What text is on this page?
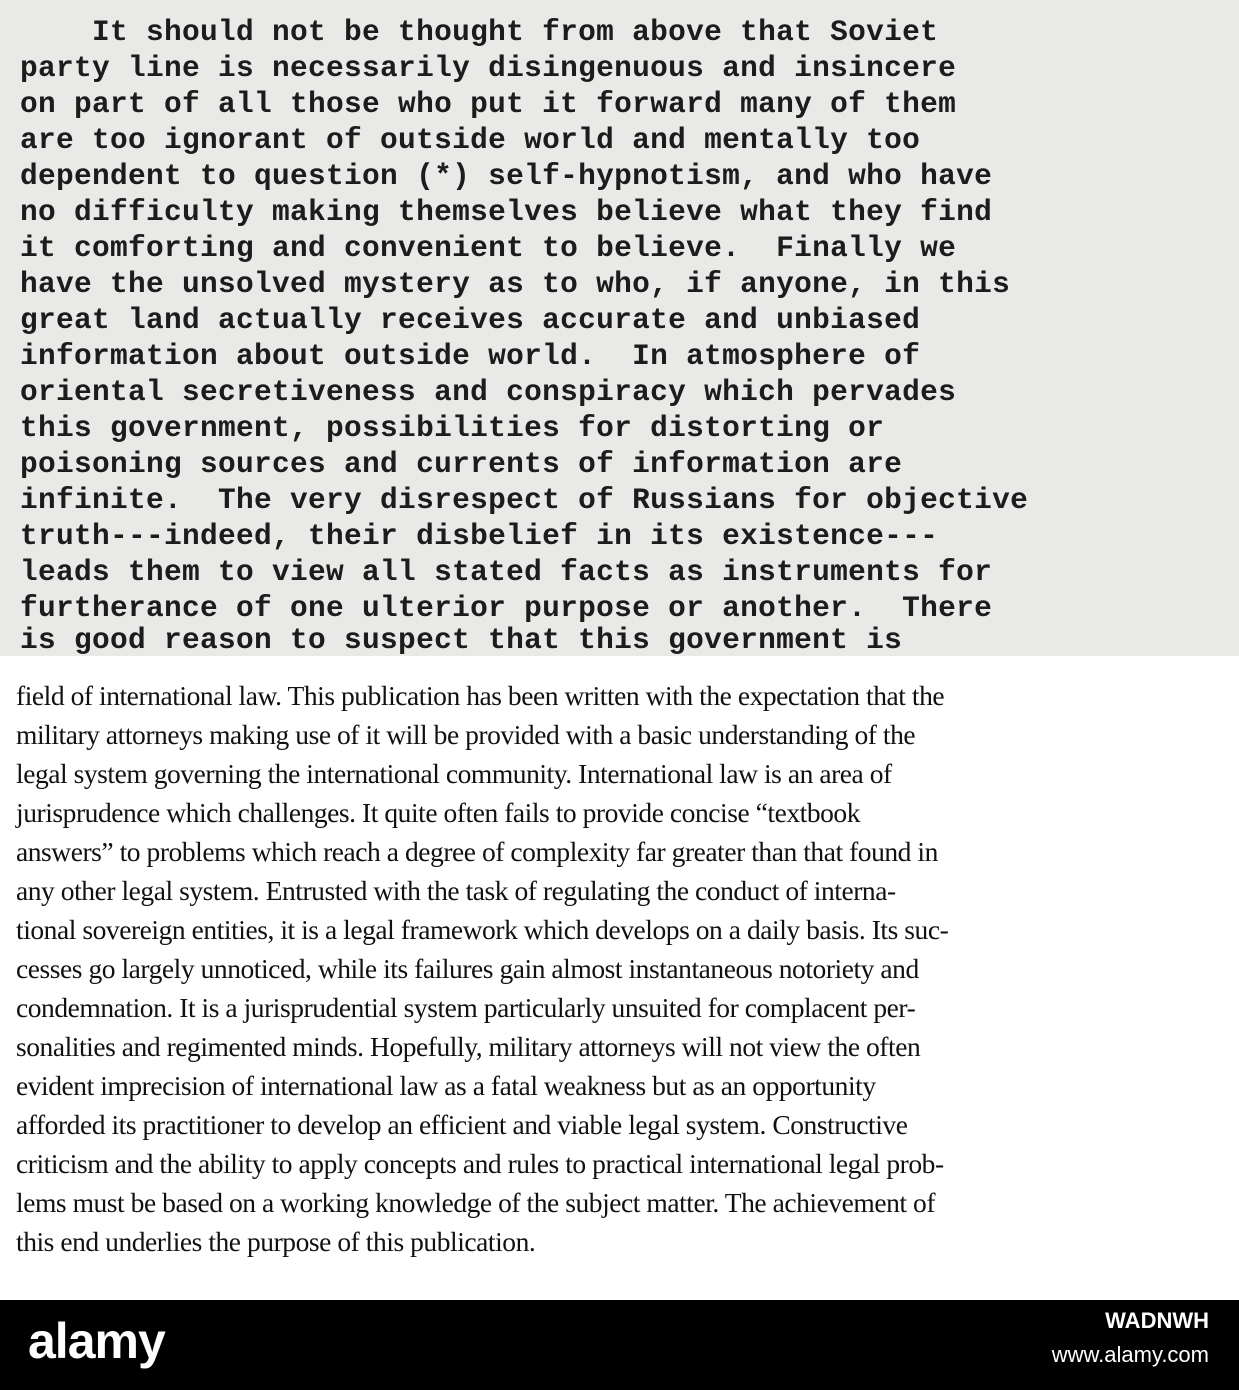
It should not be thought from above that Soviet
party line is necessarily disingenuous and insincere
on part of all those who put it forward many of them
are too ignorant of outside world and mentally too
dependent to question (*) self-hypnotism, and who have
no difficulty making themselves believe what they find
it comforting and convenient to believe.  Finally we
have the unsolved mystery as to who, if anyone, in this
great land actually receives accurate and unbiased
information about outside world.  In atmosphere of
oriental secretiveness and conspiracy which pervades
this government, possibilities for distorting or
poisoning sources and currents of information are
infinite.  The very disrespect of Russians for objective
truth---indeed, their disbelief in its existence---
leads them to view all stated facts as instruments for
furtherance of one ulterior purpose or another.  There
is good reason to suspect that this government is
field of international law. This publication has been written with the expectation that the
military attorneys making use of it will be provided with a basic understanding of the
legal system governing the international community. International law is an area of
jurisprudence which challenges. It quite often fails to provide concise “textbook
answers” to problems which reach a degree of complexity far greater than that found in
any other legal system. Entrusted with the task of regulating the conduct of interna-
tional sovereign entities, it is a legal framework which develops on a daily basis. Its suc-
cesses go largely unnoticed, while its failures gain almost instantaneous notoriety and
condemnation. It is a jurisprudential system particularly unsuited for complacent per-
sonalities and regimented minds. Hopefully, military attorneys will not view the often
evident imprecision of international law as a fatal weakness but as an opportunity
afforded its practitioner to develop an efficient and viable legal system. Constructive
criticism and the ability to apply concepts and rules to practical international legal prob-
lems must be based on a working knowledge of the subject matter. The achievement of
this end underlies the purpose of this publication.
alamy	WADNWH
www.alamy.com
